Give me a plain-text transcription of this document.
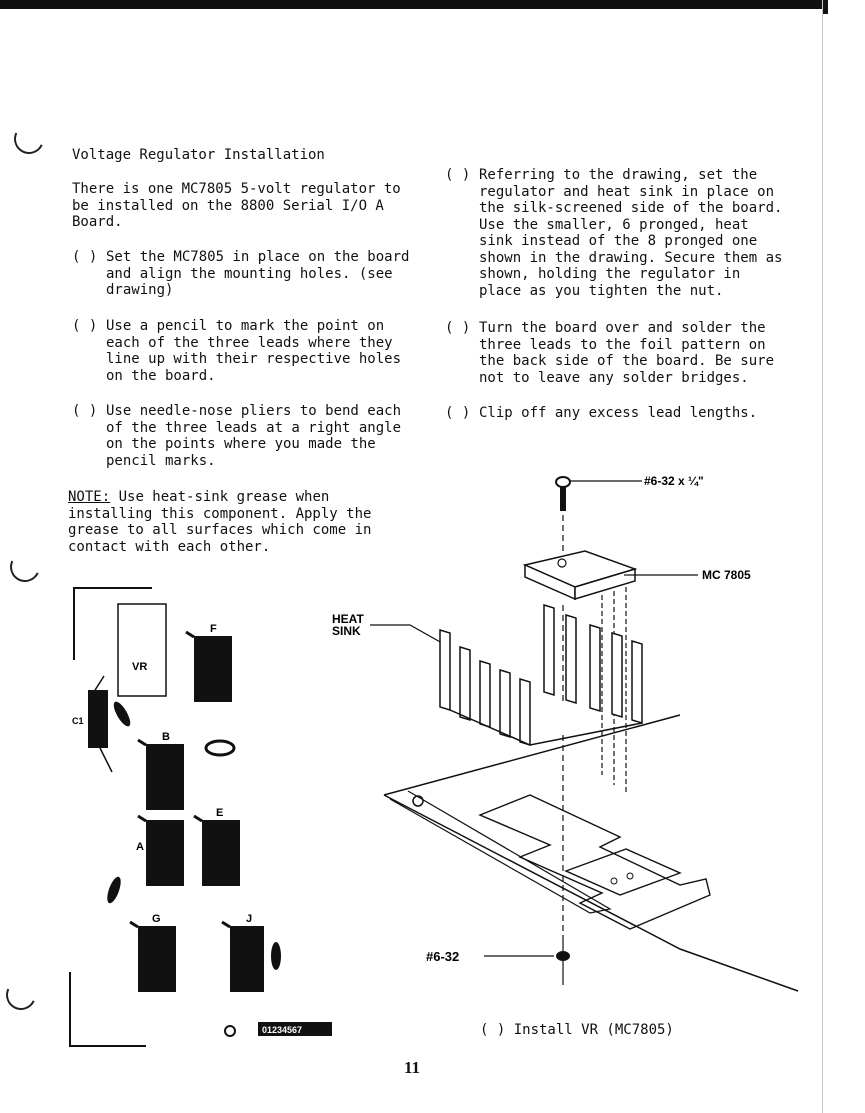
Voltage Regulator Installation
There is one MC7805 5-volt regulator to be installed on the 8800 Serial I/O A Board.
( ) Set the MC7805 in place on the board and align the mounting holes. (see drawing)
( ) Use a pencil to mark the point on each of the three leads where they line up with their respective holes on the board.
( ) Use needle-nose pliers to bend each of the three leads at a right angle on the points where you made the pencil marks.
NOTE: Use heat-sink grease when installing this component. Apply the grease to all surfaces which come in contact with each other.
( ) Referring to the drawing, set the regulator and heat sink in place on the silk-screened side of the board. Use the smaller, 6 pronged, heat sink instead of the 8 pronged one shown in the drawing. Secure them as shown, holding the regulator in place as you tighten the nut.
( ) Turn the board over and solder the three leads to the foil pattern on the back side of the board. Be sure not to leave any solder bridges.
( ) Clip off any excess lead lengths.
VR
F
C1
B
A
E
G	J
01234567
#6-32 x ¼"
MC 7805
HEAT
SINK
#6-32
( ) Install VR (MC7805)
11
